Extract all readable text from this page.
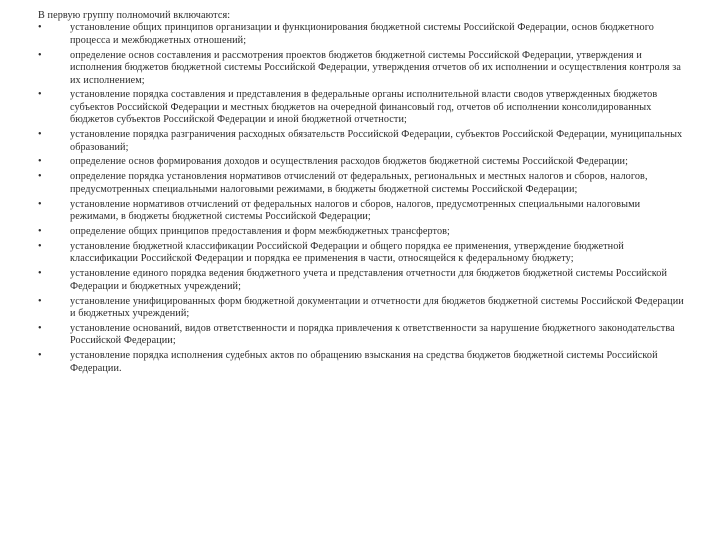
В первую группу полномочий включаются:

•	установление общих принципов организации и функционирования бюджетной системы Российской Федерации, основ бюджетного процесса и межбюджетных отношений;
•	определение основ составления и рассмотрения проектов бюджетов бюджетной системы Российской Федерации, утверждения и исполнения бюджетов бюджетной системы Российской Федерации, утверждения отчетов об их исполнении и осуществления контроля за их исполнением;
•	установление порядка составления и представления в федеральные органы исполнительной власти сводов утвержденных бюджетов субъектов Российской Федерации и местных бюджетов на очередной финансовый год, отчетов об исполнении консолидированных бюджетов субъектов Российской Федерации и иной бюджетной отчетности;
•	установление порядка разграничения расходных обязательств Российской Федерации, субъектов Российской Федерации, муниципальных образований;
•	определение основ формирования доходов и осуществления расходов бюджетов бюджетной системы Российской Федерации;
•	определение порядка установления нормативов отчислений от федеральных, региональных и местных налогов и сборов, налогов, предусмотренных специальными налоговыми режимами, в бюджеты бюджетной системы Российской Федерации;
•	установление нормативов отчислений от федеральных налогов и сборов, налогов, предусмотренных специальными налоговыми режимами, в бюджеты бюджетной системы Российской Федерации;
•	определение общих принципов предоставления и форм межбюджетных трансфертов;
•	установление бюджетной классификации Российской Федерации и общего порядка ее применения, утверждение бюджетной классификации Российской Федерации и порядка ее применения в части, относящейся к федеральному бюджету;
•	установление единого порядка ведения бюджетного учета и представления отчетности для бюджетов бюджетной системы Российской Федерации и бюджетных учреждений;
•	установление унифицированных форм бюджетной документации и отчетности для бюджетов бюджетной системы Российской Федерации и бюджетных учреждений;
•	установление оснований, видов ответственности и порядка привлечения к ответственности за нарушение бюджетного законодательства Российской Федерации;
•	установление порядка исполнения судебных актов по обращению взыскания на средства бюджетов бюджетной системы Российской Федерации.
